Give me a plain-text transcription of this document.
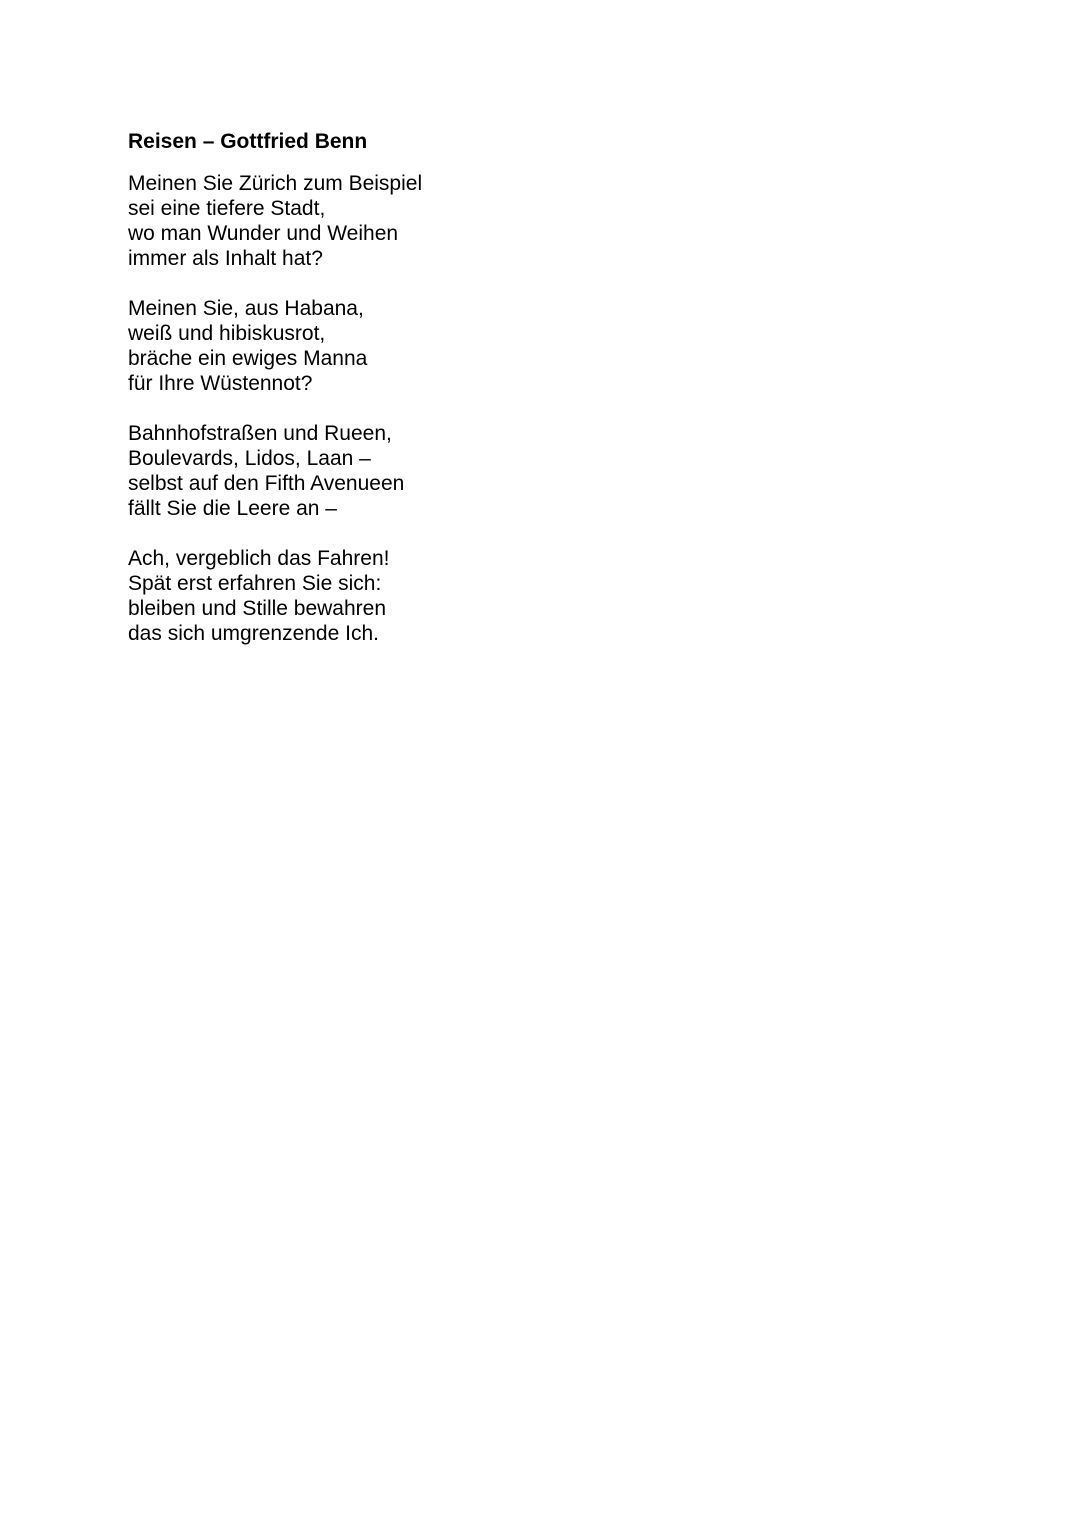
Reisen – Gottfried Benn
Meinen Sie Zürich zum Beispiel
sei eine tiefere Stadt,
wo man Wunder und Weihen
immer als Inhalt hat?
Meinen Sie, aus Habana,
weiß und hibiskusrot,
bräche ein ewiges Manna
für Ihre Wüstennot?
Bahnhofstraßen und Rueen,
Boulevards, Lidos, Laan –
selbst auf den Fifth Avenueen
fällt Sie die Leere an –
Ach, vergeblich das Fahren!
Spät erst erfahren Sie sich:
bleiben und Stille bewahren
das sich umgrenzende Ich.
